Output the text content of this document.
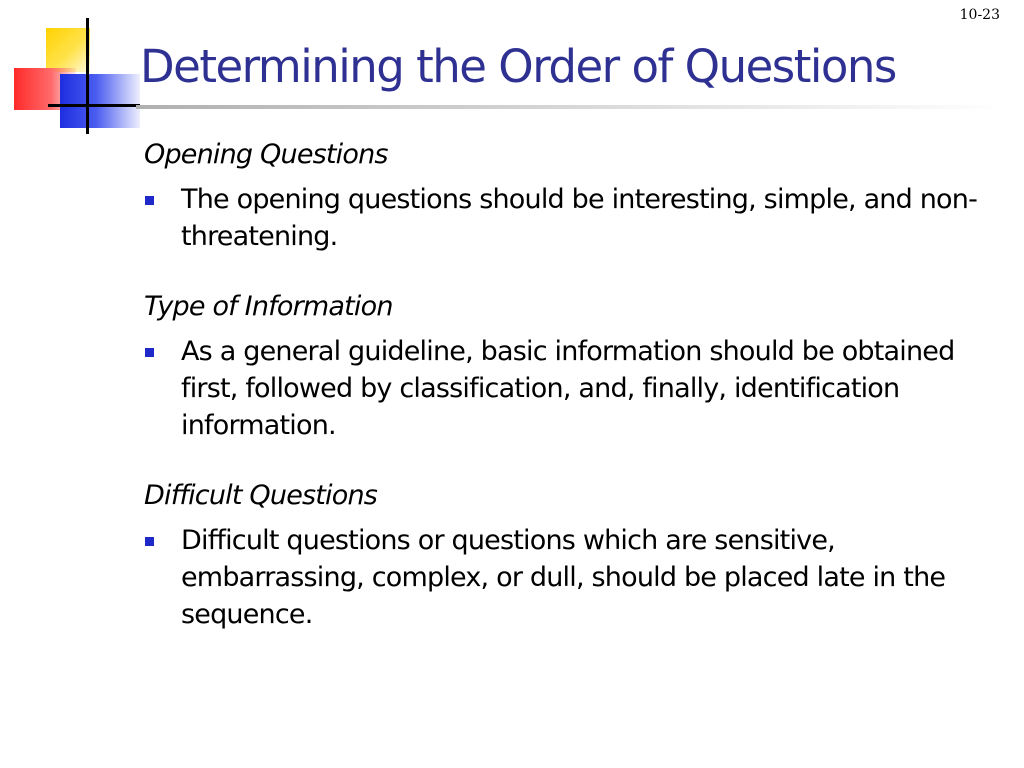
10-23
Determining the Order of Questions
Opening Questions
The opening questions should be interesting, simple, and non-threatening.
Type of Information
As a general guideline, basic information should be obtained first, followed by classification, and, finally, identification information.
Difficult Questions
Difficult questions or questions which are sensitive, embarrassing, complex, or dull, should be placed late in the sequence.
